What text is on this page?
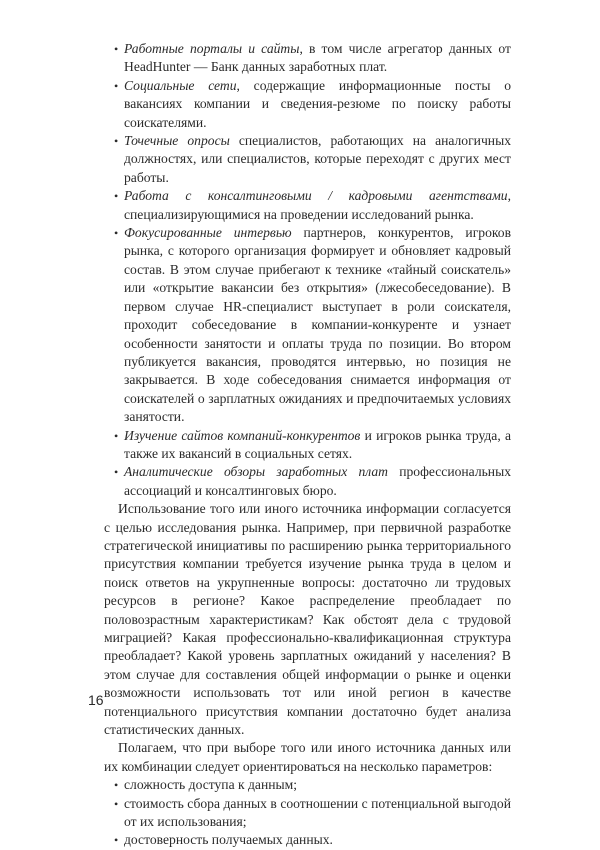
• Работные порталы и сайты, в том числе агрегатор данных от HeadHunter — Банк данных заработных плат.
• Социальные сети, содержащие информационные посты о вакансиях компании и сведения-резюме по поиску работы соискателями.
• Точечные опросы специалистов, работающих на аналогичных должностях, или специалистов, которые переходят с других мест работы.
• Работа с консалтинговыми / кадровыми агентствами, специализирующимися на проведении исследований рынка.
• Фокусированные интервью партнеров, конкурентов, игроков рынка, с которого организация формирует и обновляет кадровый состав. В этом случае прибегают к технике «тайный соискатель» или «открытие вакансии без открытия» (лжесобеседование). В первом случае HR-специалист выступает в роли соискателя, проходит собеседование в компании-конкуренте и узнает особенности занятости и оплаты труда по позиции. Во втором публикуется вакансия, проводятся интервью, но позиция не закрывается. В ходе собеседования снимается информация от соискателей о зарплатных ожиданиях и предпочитаемых условиях занятости.
• Изучение сайтов компаний-конкурентов и игроков рынка труда, а также их вакансий в социальных сетях.
• Аналитические обзоры заработных плат профессиональных ассоциаций и консалтинговых бюро.

Использование того или иного источника информации согласуется с целью исследования рынка. Например, при первичной разработке стратегической инициативы по расширению рынка территориального присутствия компании требуется изучение рынка труда в целом и поиск ответов на укрупненные вопросы: достаточно ли трудовых ресурсов в регионе? Какое распределение преобладает по половозрастным характеристикам? Как обстоят дела с трудовой миграцией? Какая профессионально-квалификационная структура преобладает? Какой уровень зарплатных ожиданий у населения? В этом случае для составления общей информации о рынке и оценки возможности использовать тот или иной регион в качестве потенциального присутствия компании достаточно будет анализа статистических данных.

Полагаем, что при выборе того или иного источника данных или их комбинации следует ориентироваться на несколько параметров:

• сложность доступа к данным;
• стоимость сбора данных в соотношении с потенциальной выгодой от их использования;
• достоверность получаемых данных.
16
